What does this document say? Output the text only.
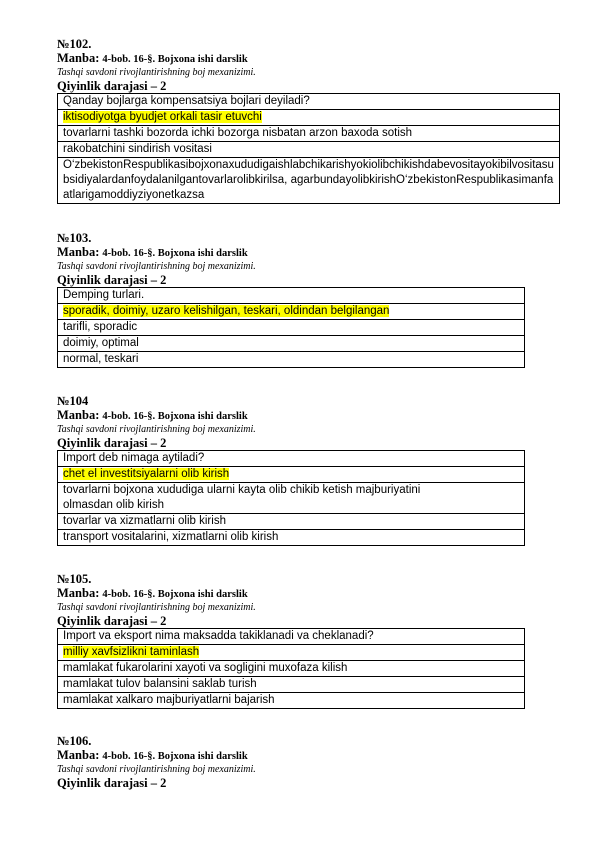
№102.
Manba: 4-bob. 16-§. Bojxona ishi darslik
Tashqi savdoni rivojlantirishning boj mexanizimi.
Qiyinlik darajasi – 2
Qanday bojlarga kompensatsiya bojlari deyiladi?
iktisodiyotga byudjet orkali tasir etuvchi
tovarlarni tashki bozorda ichki bozorga nisbatan arzon baxoda sotish
rakobatchini sindirish vositasi
O‘zbekistonRespublikasibojxonaxududigaishlabchikarishyokiolibchikishdabevositayokibilvositasubsidiyalardanfoydalanilgantovarlarolibkirilsa, agarbundayolibkirishO‘zbekistonRespublikasimanfaatlarigamoddiyziyonetkazsa
№103.
Manba: 4-bob. 16-§. Bojxona ishi darslik
Tashqi savdoni rivojlantirishning boj mexanizimi.
Qiyinlik darajasi – 2
Demping turlari.
sporadik, doimiy, uzaro kelishilgan, teskari, oldindan belgilangan
tarifli, sporadic
doimiy, optimal
normal, teskari
№104
Manba: 4-bob. 16-§. Bojxona ishi darslik
Tashqi savdoni rivojlantirishning boj mexanizimi.
Qiyinlik darajasi – 2
Import deb nimaga aytiladi?
chet el investitsiyalarni olib kirish
tovarlarni bojxona xududiga ularni kayta olib chikib ketish majburiyatini olmasdan olib kirish
tovarlar va xizmatlarni olib kirish
transport vositalarini, xizmatlarni olib kirish
№105.
Manba: 4-bob. 16-§. Bojxona ishi darslik
Tashqi savdoni rivojlantirishning boj mexanizimi.
Qiyinlik darajasi – 2
Import va eksport nima maksadda takiklanadi va cheklanadi?
milliy xavfsizlikni taminlash
mamlakat fukarolarini xayoti va sogligini muxofaza kilish
mamlakat tulov balansini saklab turish
mamlakat xalkaro majburiyatlarni bajarish
№106.
Manba: 4-bob. 16-§. Bojxona ishi darslik
Tashqi savdoni rivojlantirishning boj mexanizimi.
Qiyinlik darajasi – 2
